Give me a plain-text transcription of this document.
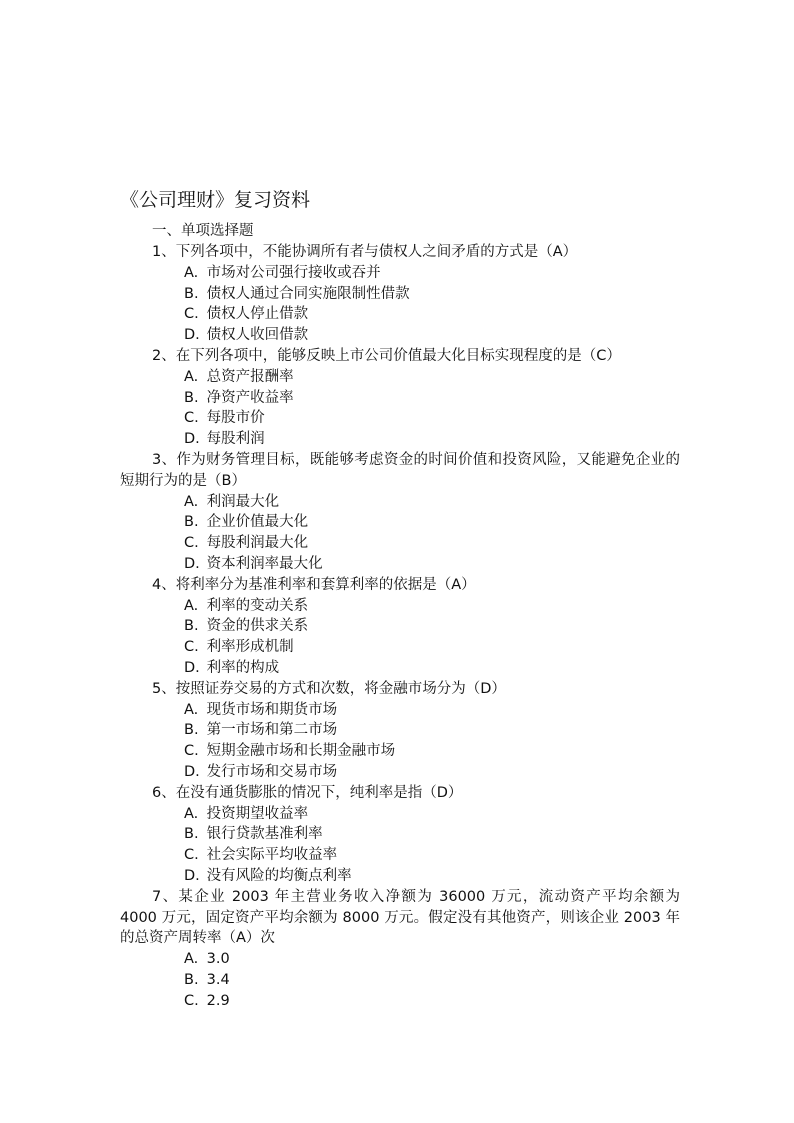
《公司理财》复习资料
一、单项选择题
1、下列各项中，不能协调所有者与债权人之间矛盾的方式是（A）
A. 市场对公司强行接收或吞并
B. 债权人通过合同实施限制性借款
C. 债权人停止借款
D. 债权人收回借款
2、在下列各项中，能够反映上市公司价值最大化目标实现程度的是（C）
A. 总资产报酬率
B. 净资产收益率
C. 每股市价
D. 每股利润
3、作为财务管理目标，既能够考虑资金的时间价值和投资风险，又能避免企业的短期行为的是（B）
A. 利润最大化
B. 企业价值最大化
C. 每股利润最大化
D. 资本利润率最大化
4、将利率分为基准利率和套算利率的依据是（A）
A. 利率的变动关系
B. 资金的供求关系
C. 利率形成机制
D. 利率的构成
5、按照证券交易的方式和次数，将金融市场分为（D）
A. 现货市场和期货市场
B. 第一市场和第二市场
C. 短期金融市场和长期金融市场
D. 发行市场和交易市场
6、在没有通货膨胀的情况下，纯利率是指（D）
A. 投资期望收益率
B. 银行贷款基准利率
C. 社会实际平均收益率
D. 没有风险的均衡点利率
7、某企业 2003 年主营业务收入净额为 36000 万元，流动资产平均余额为 4000 万元，固定资产平均余额为 8000 万元。假定没有其他资产，则该企业 2003 年的总资产周转率（A）次
A. 3.0
B. 3.4
C. 2.9
